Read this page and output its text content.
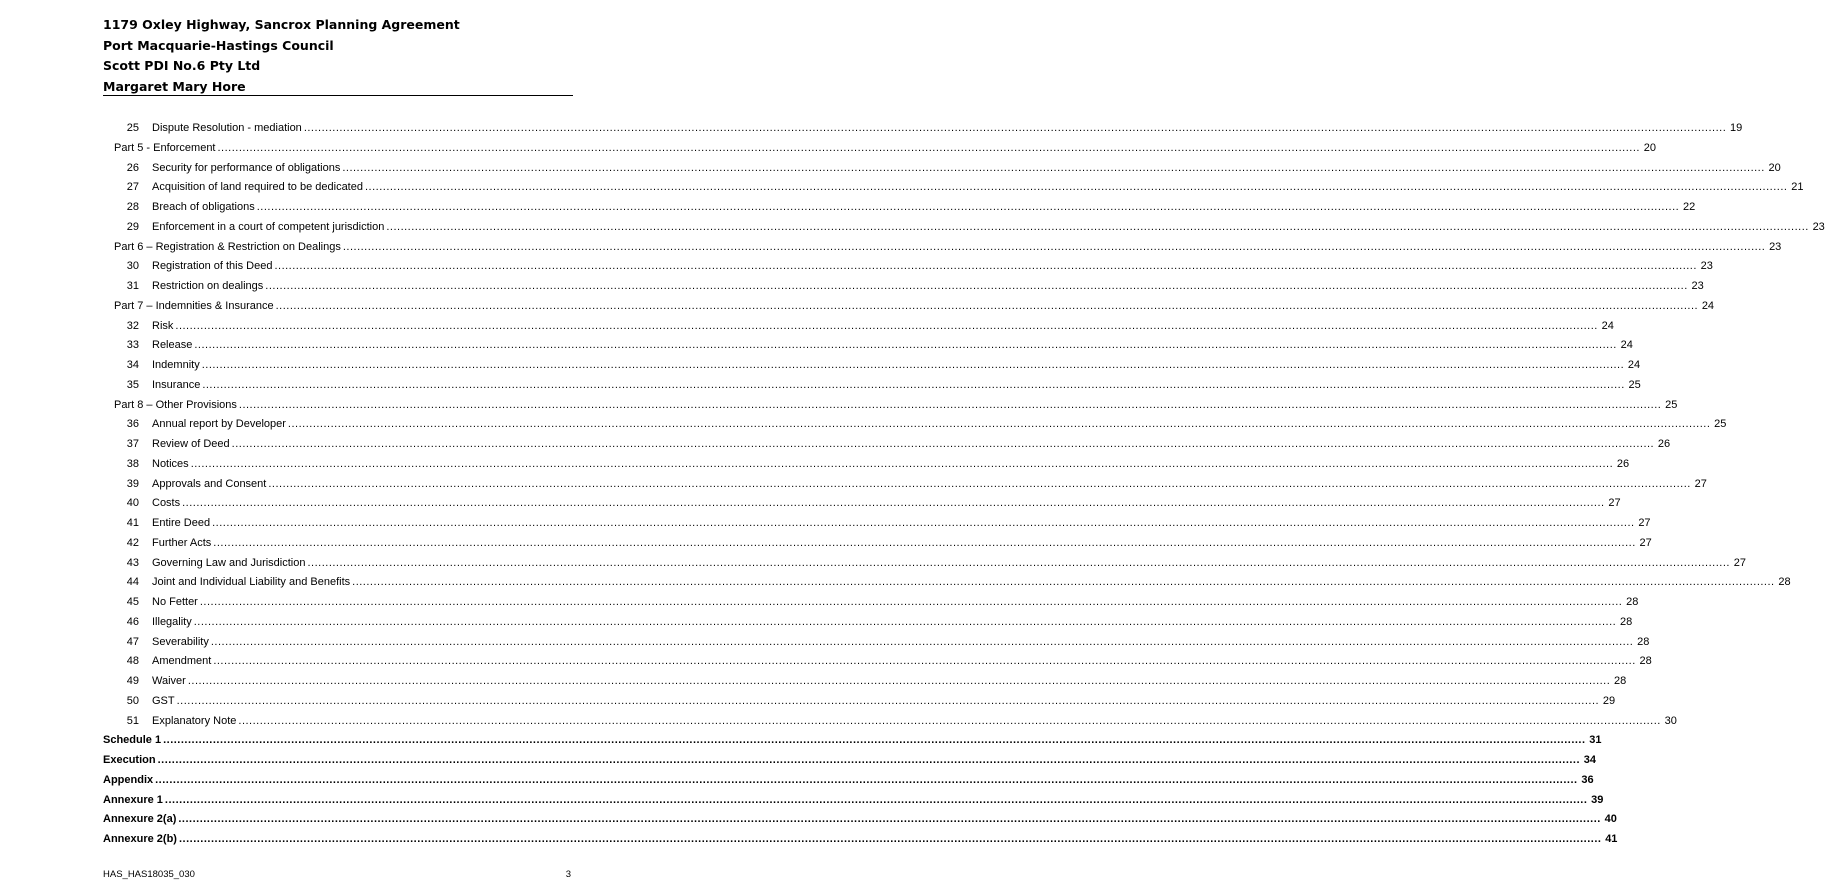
1179 Oxley Highway, Sancrox Planning Agreement
Port Macquarie-Hastings Council
Scott PDI No.6 Pty Ltd
Margaret Mary Hore
25 Dispute Resolution - mediation ................................................................................................................................................................................................................................................................................................................................................................................................................ 19
Part 5 - Enforcement ................................................................................................................................................................................................................................................................................................................................................................................................................ 20
26 Security for performance of obligations ................................................................................................................................................................................................................................................................................................................................................................................................................ 20
27 Acquisition of land required to be dedicated ................................................................................................................................................................................................................................................................................................................................................................................................................ 21
28 Breach of obligations ................................................................................................................................................................................................................................................................................................................................................................................................................ 22
29 Enforcement in a court of competent jurisdiction ................................................................................................................................................................................................................................................................................................................................................................................................................ 23
Part 6 – Registration & Restriction on Dealings ................................................................................................................................................................................................................................................................................................................................................................................................................ 23
30 Registration of this Deed ................................................................................................................................................................................................................................................................................................................................................................................................................ 23
31 Restriction on dealings ................................................................................................................................................................................................................................................................................................................................................................................................................ 23
Part 7 – Indemnities & Insurance ................................................................................................................................................................................................................................................................................................................................................................................................................ 24
32 Risk ................................................................................................................................................................................................................................................................................................................................................................................................................ 24
33 Release ................................................................................................................................................................................................................................................................................................................................................................................................................ 24
34 Indemnity ................................................................................................................................................................................................................................................................................................................................................................................................................ 24
35 Insurance ................................................................................................................................................................................................................................................................................................................................................................................................................ 25
Part 8 – Other Provisions ................................................................................................................................................................................................................................................................................................................................................................................................................ 25
36 Annual report by Developer ................................................................................................................................................................................................................................................................................................................................................................................................................ 25
37 Review of Deed ................................................................................................................................................................................................................................................................................................................................................................................................................ 26
38 Notices ................................................................................................................................................................................................................................................................................................................................................................................................................ 26
39 Approvals and Consent ................................................................................................................................................................................................................................................................................................................................................................................................................ 27
40 Costs ................................................................................................................................................................................................................................................................................................................................................................................................................ 27
41 Entire Deed ................................................................................................................................................................................................................................................................................................................................................................................................................ 27
42 Further Acts ................................................................................................................................................................................................................................................................................................................................................................................................................ 27
43 Governing Law and Jurisdiction ................................................................................................................................................................................................................................................................................................................................................................................................................ 27
44 Joint and Individual Liability and Benefits ................................................................................................................................................................................................................................................................................................................................................................................................................ 28
45 No Fetter ................................................................................................................................................................................................................................................................................................................................................................................................................ 28
46 Illegality ................................................................................................................................................................................................................................................................................................................................................................................................................ 28
47 Severability ................................................................................................................................................................................................................................................................................................................................................................................................................ 28
48 Amendment ................................................................................................................................................................................................................................................................................................................................................................................................................ 28
49 Waiver ................................................................................................................................................................................................................................................................................................................................................................................................................ 28
50 GST ................................................................................................................................................................................................................................................................................................................................................................................................................ 29
51 Explanatory Note ................................................................................................................................................................................................................................................................................................................................................................................................................ 30
Schedule 1 ................................................................................................................................................................................................................................................................................................................................................................................................................ 31
Execution ................................................................................................................................................................................................................................................................................................................................................................................................................ 34
Appendix ................................................................................................................................................................................................................................................................................................................................................................................................................ 36
Annexure 1 ................................................................................................................................................................................................................................................................................................................................................................................................................ 39
Annexure 2(a) ................................................................................................................................................................................................................................................................................................................................................................................................................ 40
Annexure 2(b) ................................................................................................................................................................................................................................................................................................................................................................................................................ 41
HAS_HAS18035_030	3
